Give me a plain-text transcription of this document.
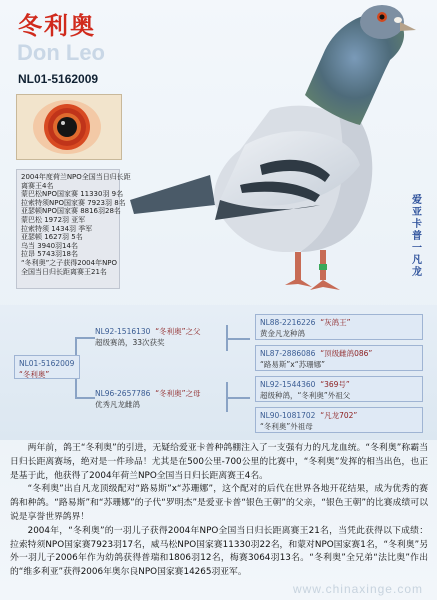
冬利奥
Don Leo
NL01-5162009
2004年度荷兰NPO全国当日归长距
离赛王4名
蒙巴松NPO国家赛 11330羽 9名
拉索特须NPO国家赛 7923羽 8名
亚瑟顿NPO国家赛 8816羽28名
蒙巴松 1972羽 亚军
拉索特须 1434羽 季军
亚瑟顿 1627羽 5名
乌当 3940羽14名
拉昂 5743羽18名
“冬利奥”之子获得2004年NPO
全国当日归长距离赛王21名
爱亚卡普一凡龙
NL01-5162009
“冬利奥”
NL92-1516130 “冬利奥”之父
超级赛鸽，33次获奖
NL96-2657786 “冬利奥”之母
优秀凡龙雌鸽
NL88-2216226 “灰鸽王”
黄金凡龙种鸽
NL87-2886086 “顶级雌鸽086”
“路易斯”x“苏珊娜”
NL92-1544360 “369号”
超级种鸽，“冬利奥”外祖父
NL90-1081702 “凡龙702”
“冬利奥”外祖母

两年前，鸽王“冬利奥”的引进，无疑给爱亚卡普种鸽棚注入了一支强有力的凡龙血统。“冬利奥”称霸当日归长距离赛场，绝对是一件珍品！尤其是在500公里-700公里的比赛中，“冬利奥”发挥的相当出色，也正是基于此，他获得了2004年荷兰NPO全国当日归长距离赛王4名。

“冬利奥”出自凡龙顶级配对“路易斯”x“苏珊娜”，这个配对的后代在世界各地开花结果，成为优秀的赛鸽和种鸽。“路易斯”和“苏珊娜”的子代“罗明杰”是爱亚卡普“银色王朝”的父亲，“银色王朝”的比赛成绩可以说是享誉世界鸽界！

2004年，“冬利奥”的一羽儿子获得2004年NPO全国当日归长距离赛王21名，当凭此获得以下成绩：拉索特须NPO国家赛7923羽17名，威马松NPO国家赛11330羽22名，和蒙对NPO国家赛1名，“冬利奥”另外一羽儿子2006年作为幼鸽获得普瑞和1806羽12名，梅赛3064羽13名。“冬利奥”全兄弟“法比奥”作出的“维多利亚”获得2006年奥尔良NPO国家赛14265羽亚军。

www.chinaxinge.com
